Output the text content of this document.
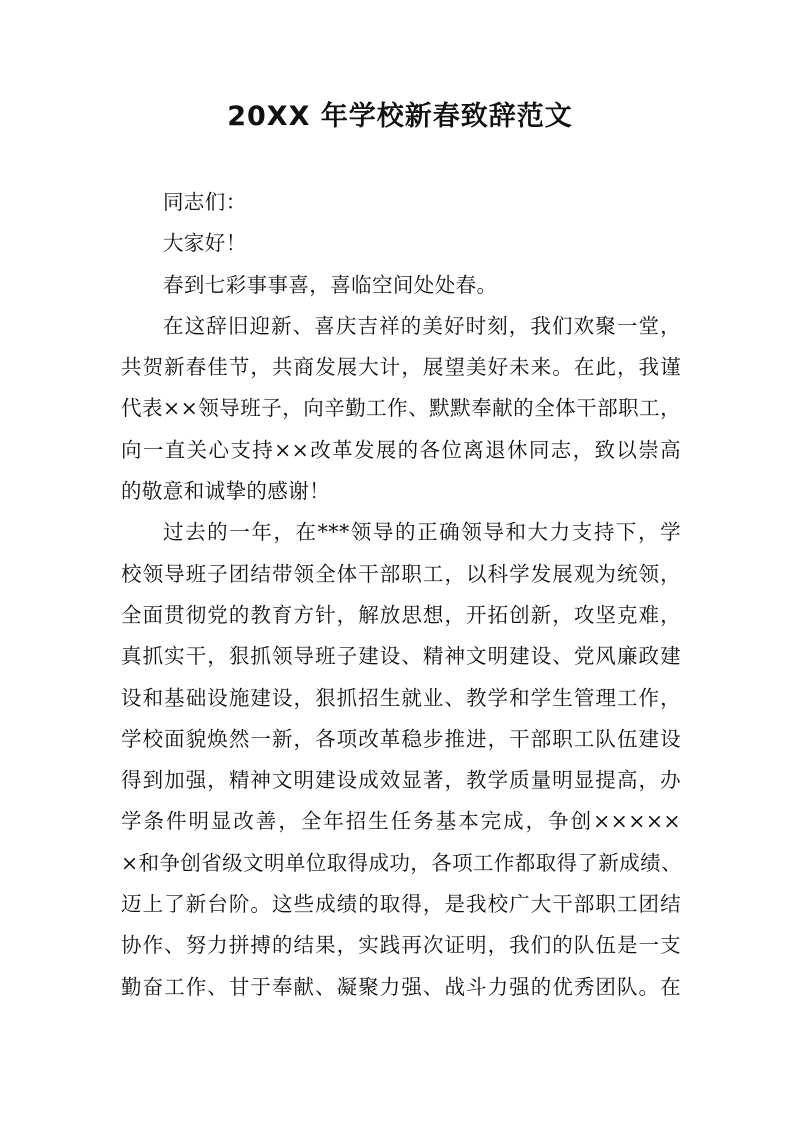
20XX 年学校新春致辞范文
同志们：
大家好！
春到七彩事事喜，喜临空间处处春。
在这辞旧迎新、喜庆吉祥的美好时刻，我们欢聚一堂，
共贺新春佳节，共商发展大计，展望美好未来。在此，我谨
代表××领导班子，向辛勤工作、默默奉献的全体干部职工，
向一直关心支持××改革发展的各位离退休同志，致以崇高
的敬意和诚挚的感谢！
过去的一年，在***领导的正确领导和大力支持下，学
校领导班子团结带领全体干部职工，以科学发展观为统领，
全面贯彻党的教育方针，解放思想，开拓创新，攻坚克难，
真抓实干，狠抓领导班子建设、精神文明建设、党风廉政建
设和基础设施建设，狠抓招生就业、教学和学生管理工作，
学校面貌焕然一新，各项改革稳步推进，干部职工队伍建设
得到加强，精神文明建设成效显著，教学质量明显提高，办
学条件明显改善，全年招生任务基本完成，争创×××××
×和争创省级文明单位取得成功，各项工作都取得了新成绩、
迈上了新台阶。这些成绩的取得，是我校广大干部职工团结
协作、努力拼搏的结果，实践再次证明，我们的队伍是一支
勤奋工作、甘于奉献、凝聚力强、战斗力强的优秀团队。在
